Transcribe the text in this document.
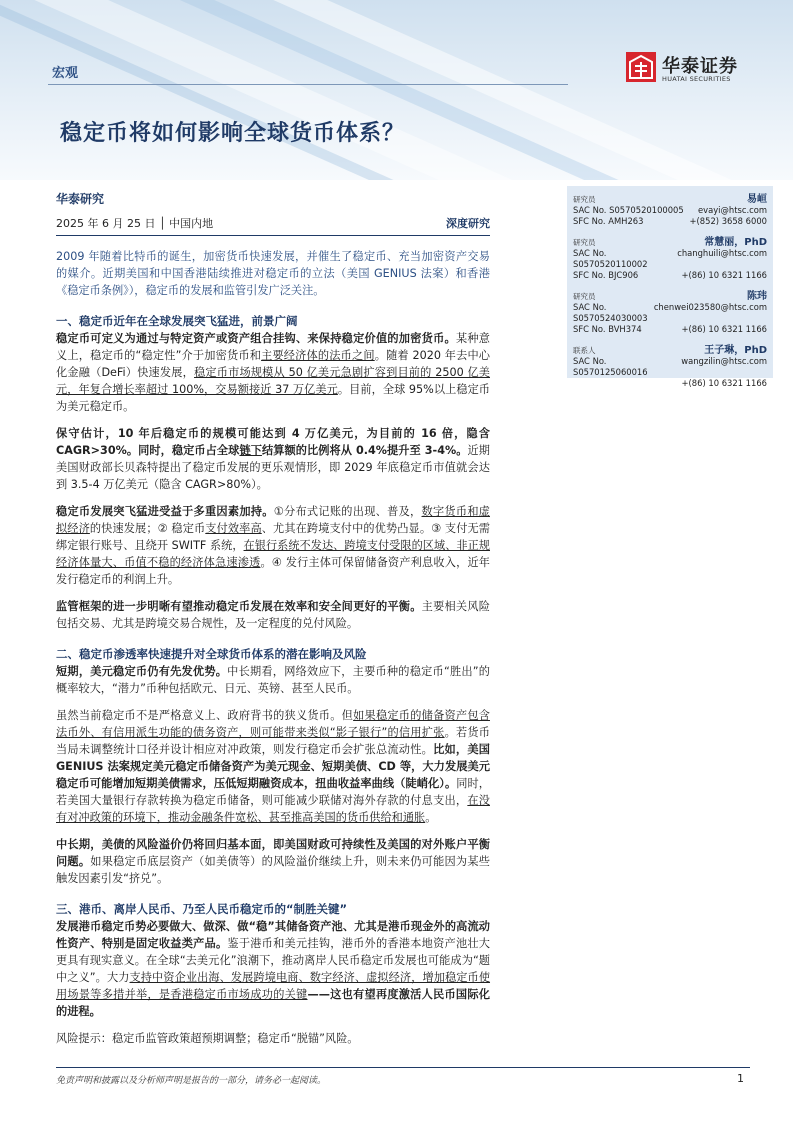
宏观	华泰证券
HUATAI SECURITIES
稳定币将如何影响全球货币体系？
华泰研究
2025 年 6 月 25 日 │ 中国内地	深度研究

2009 年随着比特币的诞生，加密货币快速发展，并催生了稳定币、充当加密资产交易的媒介。近期美国和中国香港陆续推进对稳定币的立法（美国 GENIUS 法案）和香港《稳定币条例》），稳定币的发展和监管引发广泛关注。

一、稳定币近年在全球发展突飞猛进，前景广阔

稳定币可定义为通过与特定资产或资产组合挂钩、来保持稳定价值的加密货币。某种意义上，稳定币的“稳定性”介于加密货币和主要经济体的法币之间。随着 2020 年去中心化金融（DeFi）快速发展，稳定币市场规模从 50 亿美元急剧扩容到目前的 2500 亿美元，年复合增长率超过 100%，交易额接近 37 万亿美元。目前，全球 95%以上稳定币为美元稳定币。

保守估计，10 年后稳定币的规模可能达到 4 万亿美元，为目前的 16 倍，隐含 CAGR>30%。同时，稳定币占全球链下结算额的比例将从 0.4%提升至 3-4%。近期美国财政部长贝森特提出了稳定币发展的更乐观情形，即 2029 年底稳定币市值就会达到 3.5-4 万亿美元（隐含 CAGR>80%）。

稳定币发展突飞猛进受益于多重因素加持。①分布式记账的出现、普及，数字货币和虚拟经济的快速发展；② 稳定币支付效率高、尤其在跨境支付中的优势凸显。③ 支付无需绑定银行账号、且绕开 SWITF 系统，在银行系统不发达、跨境支付受限的区域、非正规经济体量大、币值不稳的经济体急速渗透。④ 发行主体可保留储备资产利息收入，近年发行稳定币的利润上升。

监管框架的进一步明晰有望推动稳定币发展在效率和安全间更好的平衡。主要相关风险包括交易、尤其是跨境交易合规性，及一定程度的兑付风险。

二、稳定币渗透率快速提升对全球货币体系的潜在影响及风险

短期，美元稳定币仍有先发优势。中长期看，网络效应下，主要币种的稳定币“胜出”的概率较大，“潜力”币种包括欧元、日元、英镑、甚至人民币。

虽然当前稳定币不是严格意义上、政府背书的狭义货币。但如果稳定币的储备资产包含法币外、有信用派生功能的债务资产，则可能带来类似“影子银行”的信用扩张。若货币当局未调整统计口径并设计相应对冲政策，则发行稳定币会扩张总流动性。比如，美国 GENIUS 法案规定美元稳定币储备资产为美元现金、短期美债、CD 等，大力发展美元稳定币可能增加短期美债需求，压低短期融资成本，扭曲收益率曲线（陡峭化）。同时，若美国大量银行存款转换为稳定币储备，则可能减少联储对海外存款的付息支出，在没有对冲政策的环境下，推动金融条件宽松、甚至推高美国的货币供给和通胀。

中长期，美债的风险溢价仍将回归基本面，即美国财政可持续性及美国的对外账户平衡问题。如果稳定币底层资产（如美债等）的风险溢价继续上升，则未来仍可能因为某些触发因素引发“挤兑”。

三、港币、离岸人民币、乃至人民币稳定币的“制胜关键”

发展港币稳定币势必要做大、做深、做“稳”其储备资产池、尤其是港币现金外的高流动性资产、特别是固定收益类产品。鉴于港币和美元挂钩，港币外的香港本地资产池壮大更具有现实意义。在全球“去美元化”浪潮下，推动离岸人民币稳定币发展也可能成为“题中之义”。大力支持中资企业出海、发展跨境电商、数字经济、虚拟经济，增加稳定币使用场景等多措并举，是香港稳定币市场成功的关键——这也有望再度激活人民币国际化的进程。

风险提示：稳定币监管政策超预期调整；稳定币“脱锚”风险。

研究员	易峘
SAC No. S0570520100005 evayi@htsc.com
SFC No. AMH263	+(852) 3658 6000
研究员	常慧丽，PhD
SAC No. S0570520110002
changhuili@htsc.com
SFC No. BJC906	+(86) 10 6321 1166
研究员	陈玮
SAC No. S0570524030003
chenwei023580@htsc.com
SFC No. BVH374	+(86) 10 6321 1166
联系人	王子琳，PhD
SAC No. S0570125060016
wangzilin@htsc.com
+(86) 10 6321 1166
免责声明和披露以及分析师声明是报告的一部分，请务必一起阅读。	1
